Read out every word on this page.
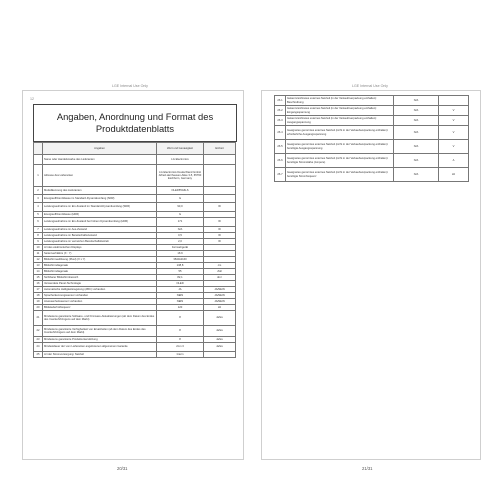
LGE Internal Use Only
12
LGE Internal Use Only
Angaben, Anordnung und Format des
Produktdatenblatts
	Angaben	Wert und Genauigkeit	Einheit
	Name oder Handelsmarke des Lieferanten	LG Electronics	
1	Adresse des Lieferanten	LG Electronics Deutschland GmbH Alfred-Herrhausen-Allee 3-5, 65760 Eschborn, Germany	
2	Modellkennung des Lieferanten	OLED55G6LS	
3	Energieeffizienzklasse im Standard-Dynamikumfang (SDR)	G	
4	Leistungsaufnahme im Ein-Zustand im Standard-Dynamikumfang (SDR)	93,0	W
5	Energieeffizienzklasse (HDR)	G	
6	Leistungsaufnahme im Ein-Zustand bei hohem Dynamikumfang (HDR)	171	W
7	Leistungsaufnahme im Aus-Zustand	N/A	W
8	Leistungsaufnahme im Bereitschaftszustand	0,5	W
9	Leistungsaufnahme im vernetzten Bereitschaftsbetrieb	2,0	W
10	Art des elektronischen Displays	Fernsehgerät	
11	Seitenverhältnis (X : Y)	16:9	
12	Bildschirmauflösung (Pixel) (X x Y)	3840x2160	
13	Bildschirmdiagonale	138,8	cm
14	Bildschirmdiagonale	55	Zoll
15	Sichtbarer Bildschirmbereich	82,1	dm²
16	Verwendete Panel-Technologie	OLED	
17	Automatische Helligkeitsregelung (ABC) vorhanden	JA	JA/NEIN
18	Spracherkennungssensor vorhanden	NEIN	JA/NEIN
19	Anwesenheitssensor vorhanden	NEIN	JA/NEIN
20	Bildwiederholfrequenz	120	Hz
21	Mindestens garantierte Software- und Firmware-Aktualisierungen (ab dem Datum des Endes des Inverkehrbringens auf dem Markt)	8	Jahre
22	Mindestens garantierte Verfügbarkeit von Ersatzteilen (ab dem Datum des Endes des Inverkehrbringens auf dem Markt)	8	Jahre
23	Mindestens garantierte Produktunterstützung	8	Jahre
24	Mindestdauer der vom Lieferanten angebotenen allgemeinen Garantie	2nm 3	Jahre
25	Art der Stromversorgung: Netzteil	Intern	
26.1	Gekennzeichnetes externes Netzteil (in der Verkaufsverpackung enthalten): Beschreibung	N/A	
26.2	Gekennzeichnetes externes Netzteil (in der Verkaufsverpackung enthalten): Eingangsspannung	N/A	V
26.3	Gekennzeichnetes externes Netzteil (in der Verkaufsverpackung enthalten): Ausgangsspannung	N/A	V
26.4	Geeignetes genormtes externes Netzteil (nicht in der Verkaufsverpackung enthalten): erforderliche Ausgangsspannung	N/A	V
26.5	Geeignetes genormtes externes Netzteil (nicht in der Verkaufsverpackung enthalten): benötigte Ausgangsspannung	N/A	V
26.6	Geeignetes genormtes externes Netzteil (nicht in der Verkaufsverpackung enthalten): benötigte Stromstärke (Ampere)	N/A	A
26.7	Geeignetes genormtes externes Netzteil (nicht in der Verkaufsverpackung enthalten): benötigte Stromfrequenz	N/A	Hz
20/31	21/31
